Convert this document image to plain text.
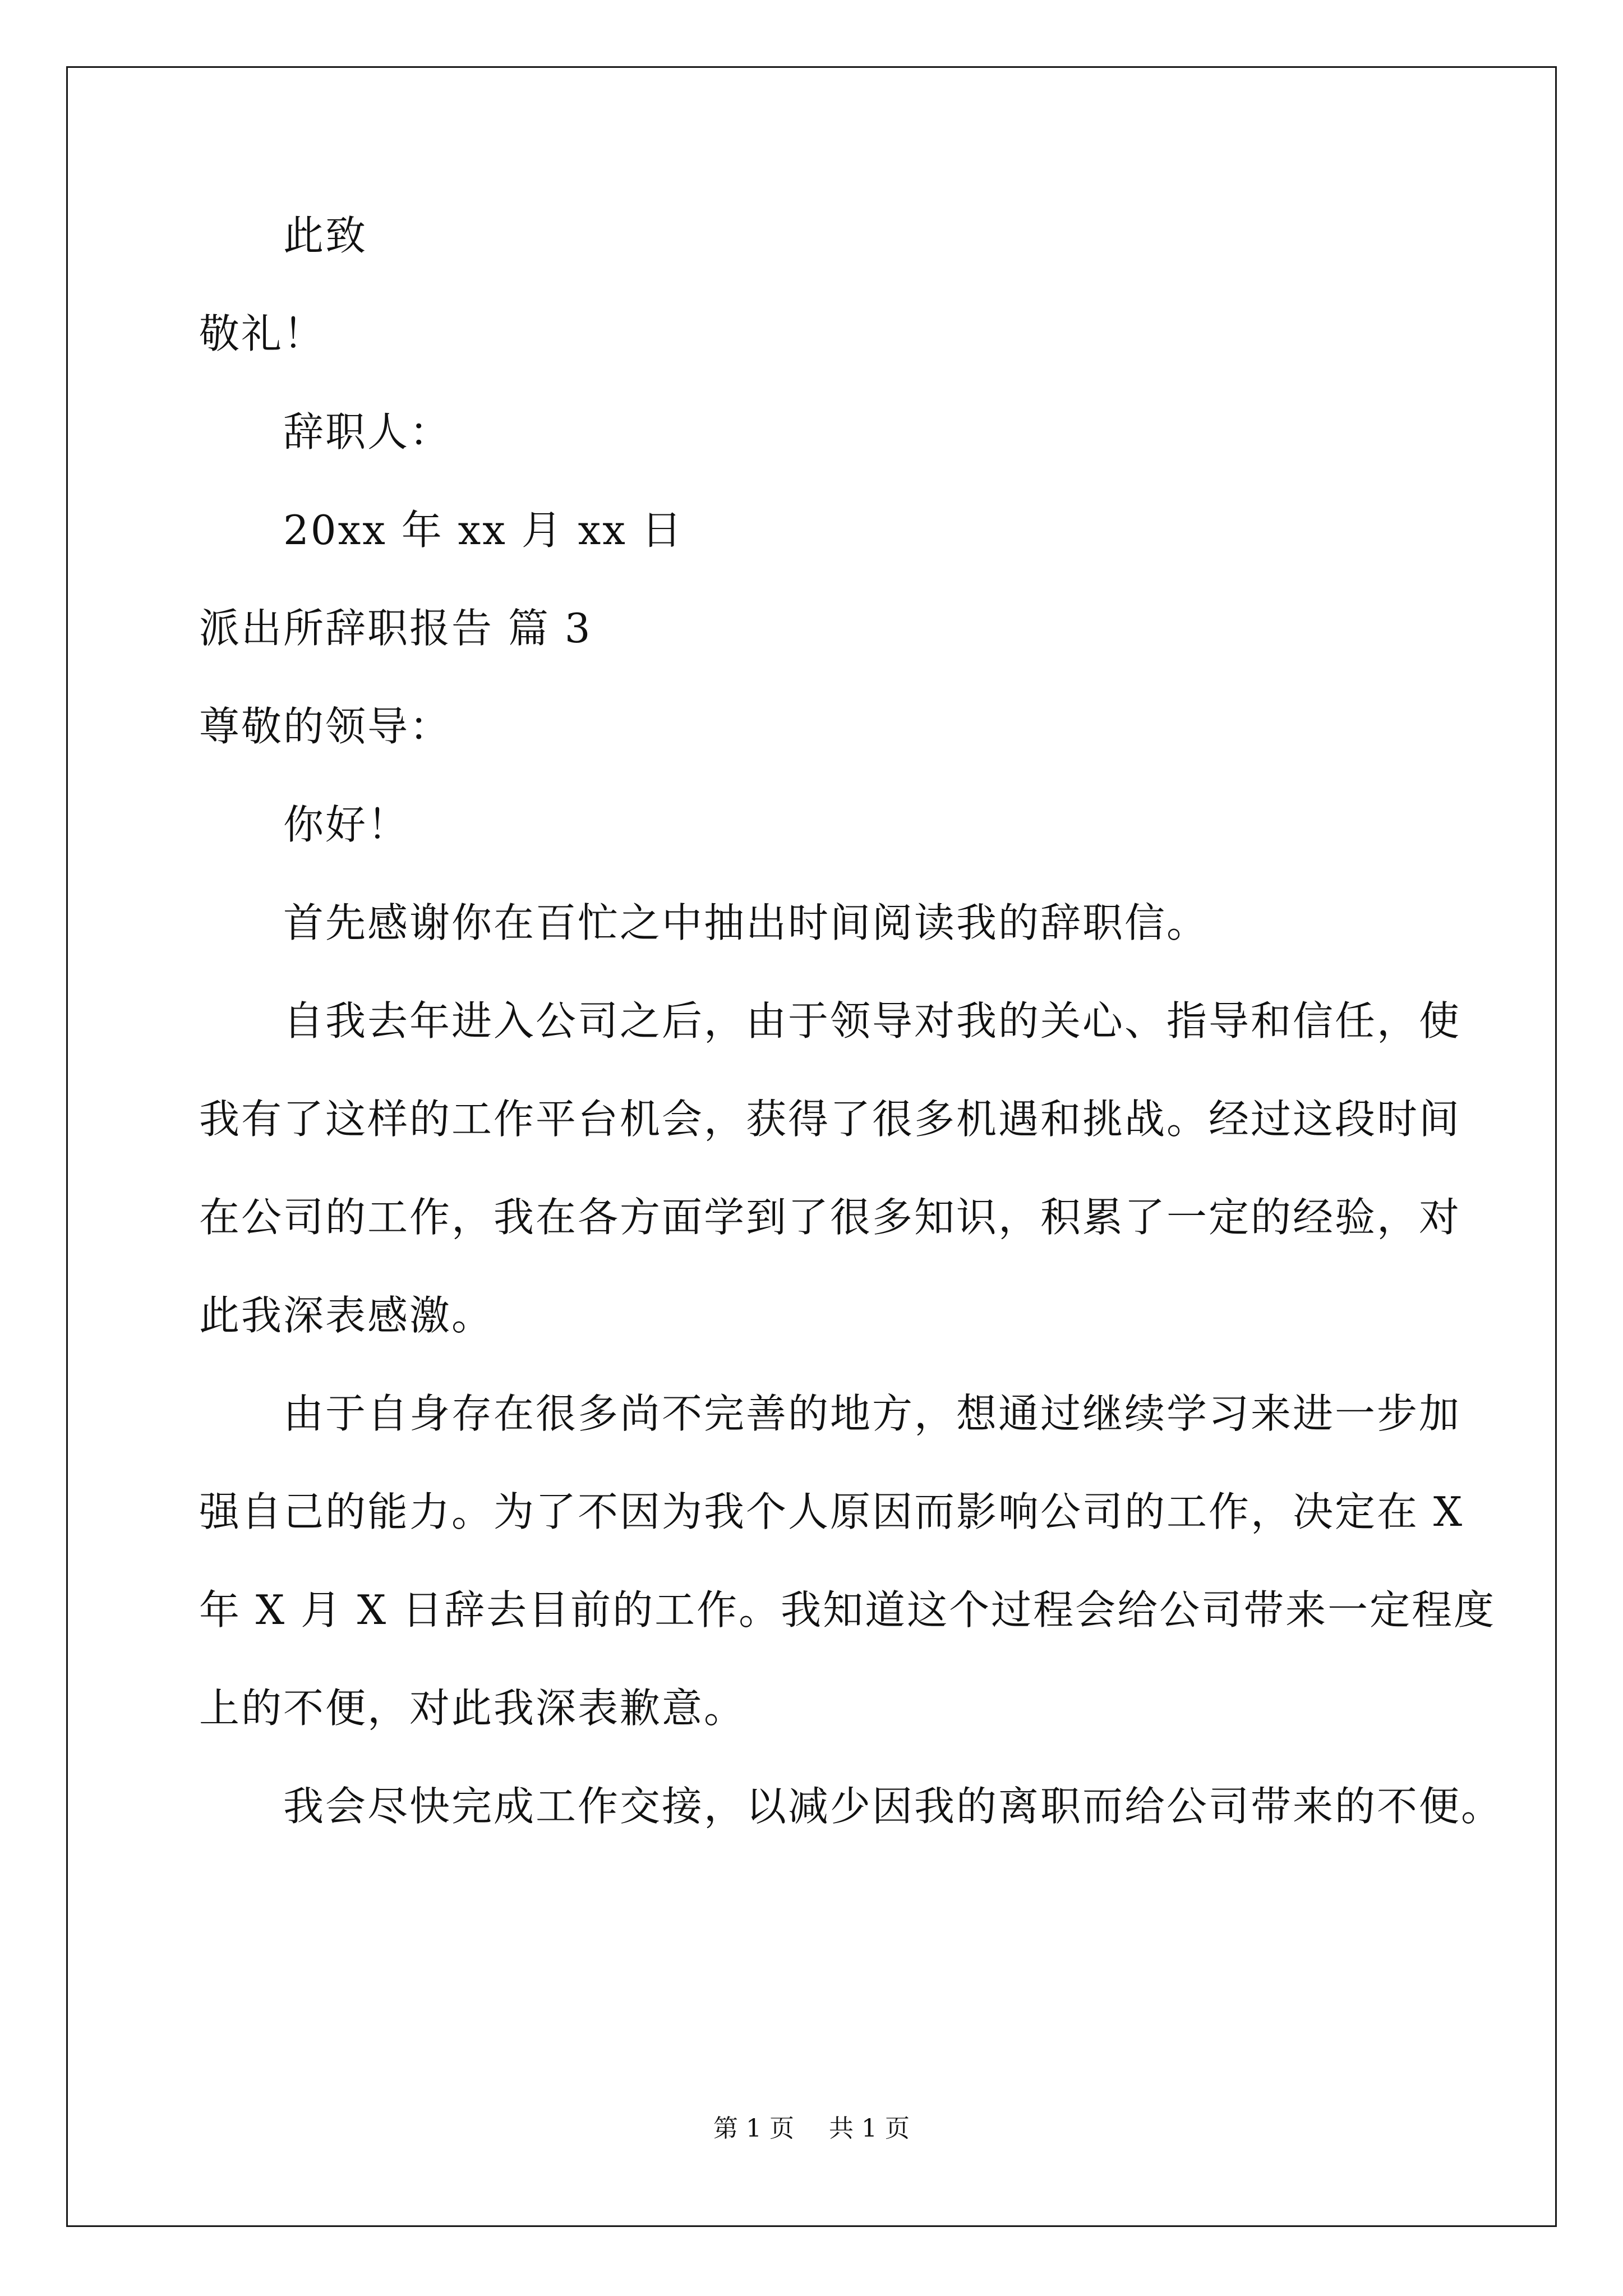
此致
敬礼！
辞职人：
20xx 年 xx 月 xx 日
派出所辞职报告 篇 3
尊敬的领导：
你好！
首先感谢你在百忙之中抽出时间阅读我的辞职信。
自我去年进入公司之后，由于领导对我的关心、指导和信任，使
我有了这样的工作平台机会，获得了很多机遇和挑战。经过这段时间
在公司的工作，我在各方面学到了很多知识，积累了一定的经验，对
此我深表感激。
由于自身存在很多尚不完善的地方，想通过继续学习来进一步加
强自己的能力。为了不因为我个人原因而影响公司的工作，决定在 X
年 X 月 X 日辞去目前的工作。我知道这个过程会给公司带来一定程度
上的不便，对此我深表歉意。
我会尽快完成工作交接，以减少因我的离职而给公司带来的不便。
第 1 页 共 1 页
